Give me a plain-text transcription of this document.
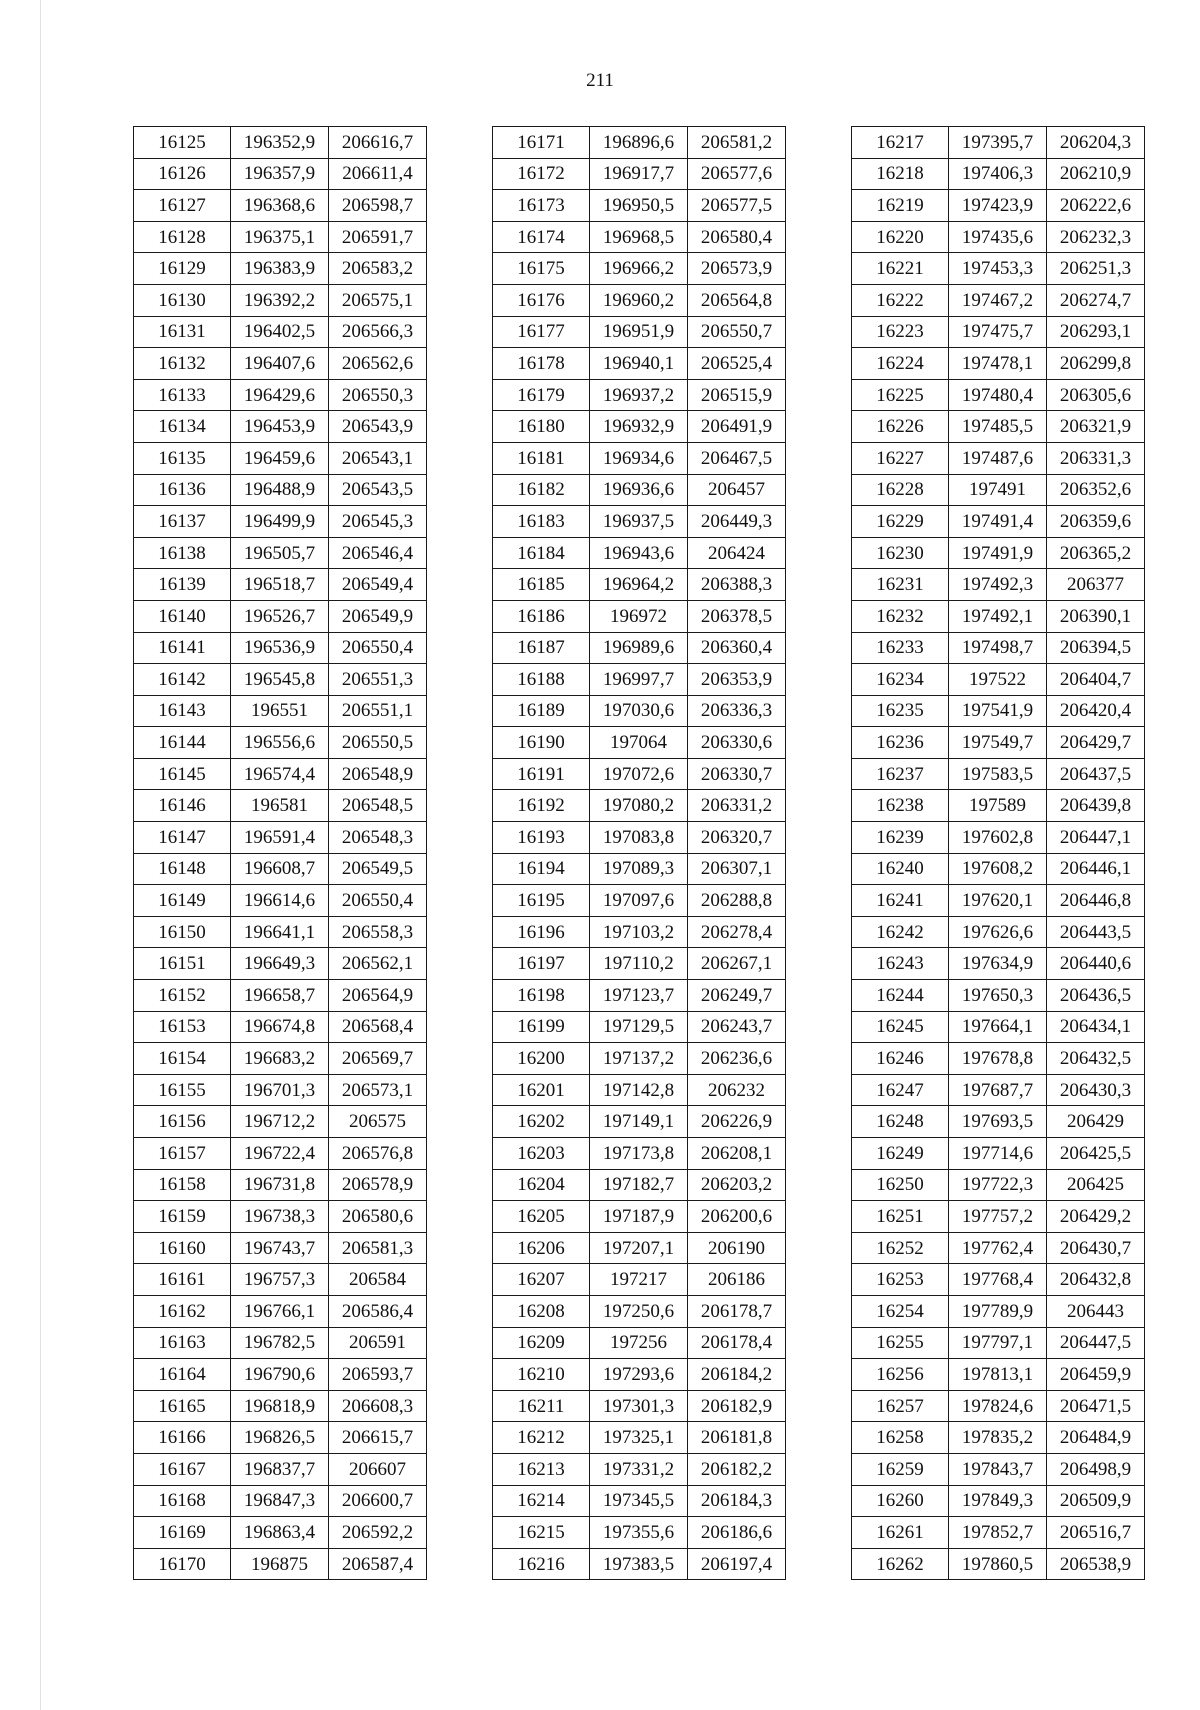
211
16125	196352,9	206616,7
16126	196357,9	206611,4
16127	196368,6	206598,7
16128	196375,1	206591,7
16129	196383,9	206583,2
16130	196392,2	206575,1
16131	196402,5	206566,3
16132	196407,6	206562,6
16133	196429,6	206550,3
16134	196453,9	206543,9
16135	196459,6	206543,1
16136	196488,9	206543,5
16137	196499,9	206545,3
16138	196505,7	206546,4
16139	196518,7	206549,4
16140	196526,7	206549,9
16141	196536,9	206550,4
16142	196545,8	206551,3
16143	196551	206551,1
16144	196556,6	206550,5
16145	196574,4	206548,9
16146	196581	206548,5
16147	196591,4	206548,3
16148	196608,7	206549,5
16149	196614,6	206550,4
16150	196641,1	206558,3
16151	196649,3	206562,1
16152	196658,7	206564,9
16153	196674,8	206568,4
16154	196683,2	206569,7
16155	196701,3	206573,1
16156	196712,2	206575
16157	196722,4	206576,8
16158	196731,8	206578,9
16159	196738,3	206580,6
16160	196743,7	206581,3
16161	196757,3	206584
16162	196766,1	206586,4
16163	196782,5	206591
16164	196790,6	206593,7
16165	196818,9	206608,3
16166	196826,5	206615,7
16167	196837,7	206607
16168	196847,3	206600,7
16169	196863,4	206592,2
16170	196875	206587,4
16171	196896,6	206581,2
16172	196917,7	206577,6
16173	196950,5	206577,5
16174	196968,5	206580,4
16175	196966,2	206573,9
16176	196960,2	206564,8
16177	196951,9	206550,7
16178	196940,1	206525,4
16179	196937,2	206515,9
16180	196932,9	206491,9
16181	196934,6	206467,5
16182	196936,6	206457
16183	196937,5	206449,3
16184	196943,6	206424
16185	196964,2	206388,3
16186	196972	206378,5
16187	196989,6	206360,4
16188	196997,7	206353,9
16189	197030,6	206336,3
16190	197064	206330,6
16191	197072,6	206330,7
16192	197080,2	206331,2
16193	197083,8	206320,7
16194	197089,3	206307,1
16195	197097,6	206288,8
16196	197103,2	206278,4
16197	197110,2	206267,1
16198	197123,7	206249,7
16199	197129,5	206243,7
16200	197137,2	206236,6
16201	197142,8	206232
16202	197149,1	206226,9
16203	197173,8	206208,1
16204	197182,7	206203,2
16205	197187,9	206200,6
16206	197207,1	206190
16207	197217	206186
16208	197250,6	206178,7
16209	197256	206178,4
16210	197293,6	206184,2
16211	197301,3	206182,9
16212	197325,1	206181,8
16213	197331,2	206182,2
16214	197345,5	206184,3
16215	197355,6	206186,6
16216	197383,5	206197,4
16217	197395,7	206204,3
16218	197406,3	206210,9
16219	197423,9	206222,6
16220	197435,6	206232,3
16221	197453,3	206251,3
16222	197467,2	206274,7
16223	197475,7	206293,1
16224	197478,1	206299,8
16225	197480,4	206305,6
16226	197485,5	206321,9
16227	197487,6	206331,3
16228	197491	206352,6
16229	197491,4	206359,6
16230	197491,9	206365,2
16231	197492,3	206377
16232	197492,1	206390,1
16233	197498,7	206394,5
16234	197522	206404,7
16235	197541,9	206420,4
16236	197549,7	206429,7
16237	197583,5	206437,5
16238	197589	206439,8
16239	197602,8	206447,1
16240	197608,2	206446,1
16241	197620,1	206446,8
16242	197626,6	206443,5
16243	197634,9	206440,6
16244	197650,3	206436,5
16245	197664,1	206434,1
16246	197678,8	206432,5
16247	197687,7	206430,3
16248	197693,5	206429
16249	197714,6	206425,5
16250	197722,3	206425
16251	197757,2	206429,2
16252	197762,4	206430,7
16253	197768,4	206432,8
16254	197789,9	206443
16255	197797,1	206447,5
16256	197813,1	206459,9
16257	197824,6	206471,5
16258	197835,2	206484,9
16259	197843,7	206498,9
16260	197849,3	206509,9
16261	197852,7	206516,7
16262	197860,5	206538,9
